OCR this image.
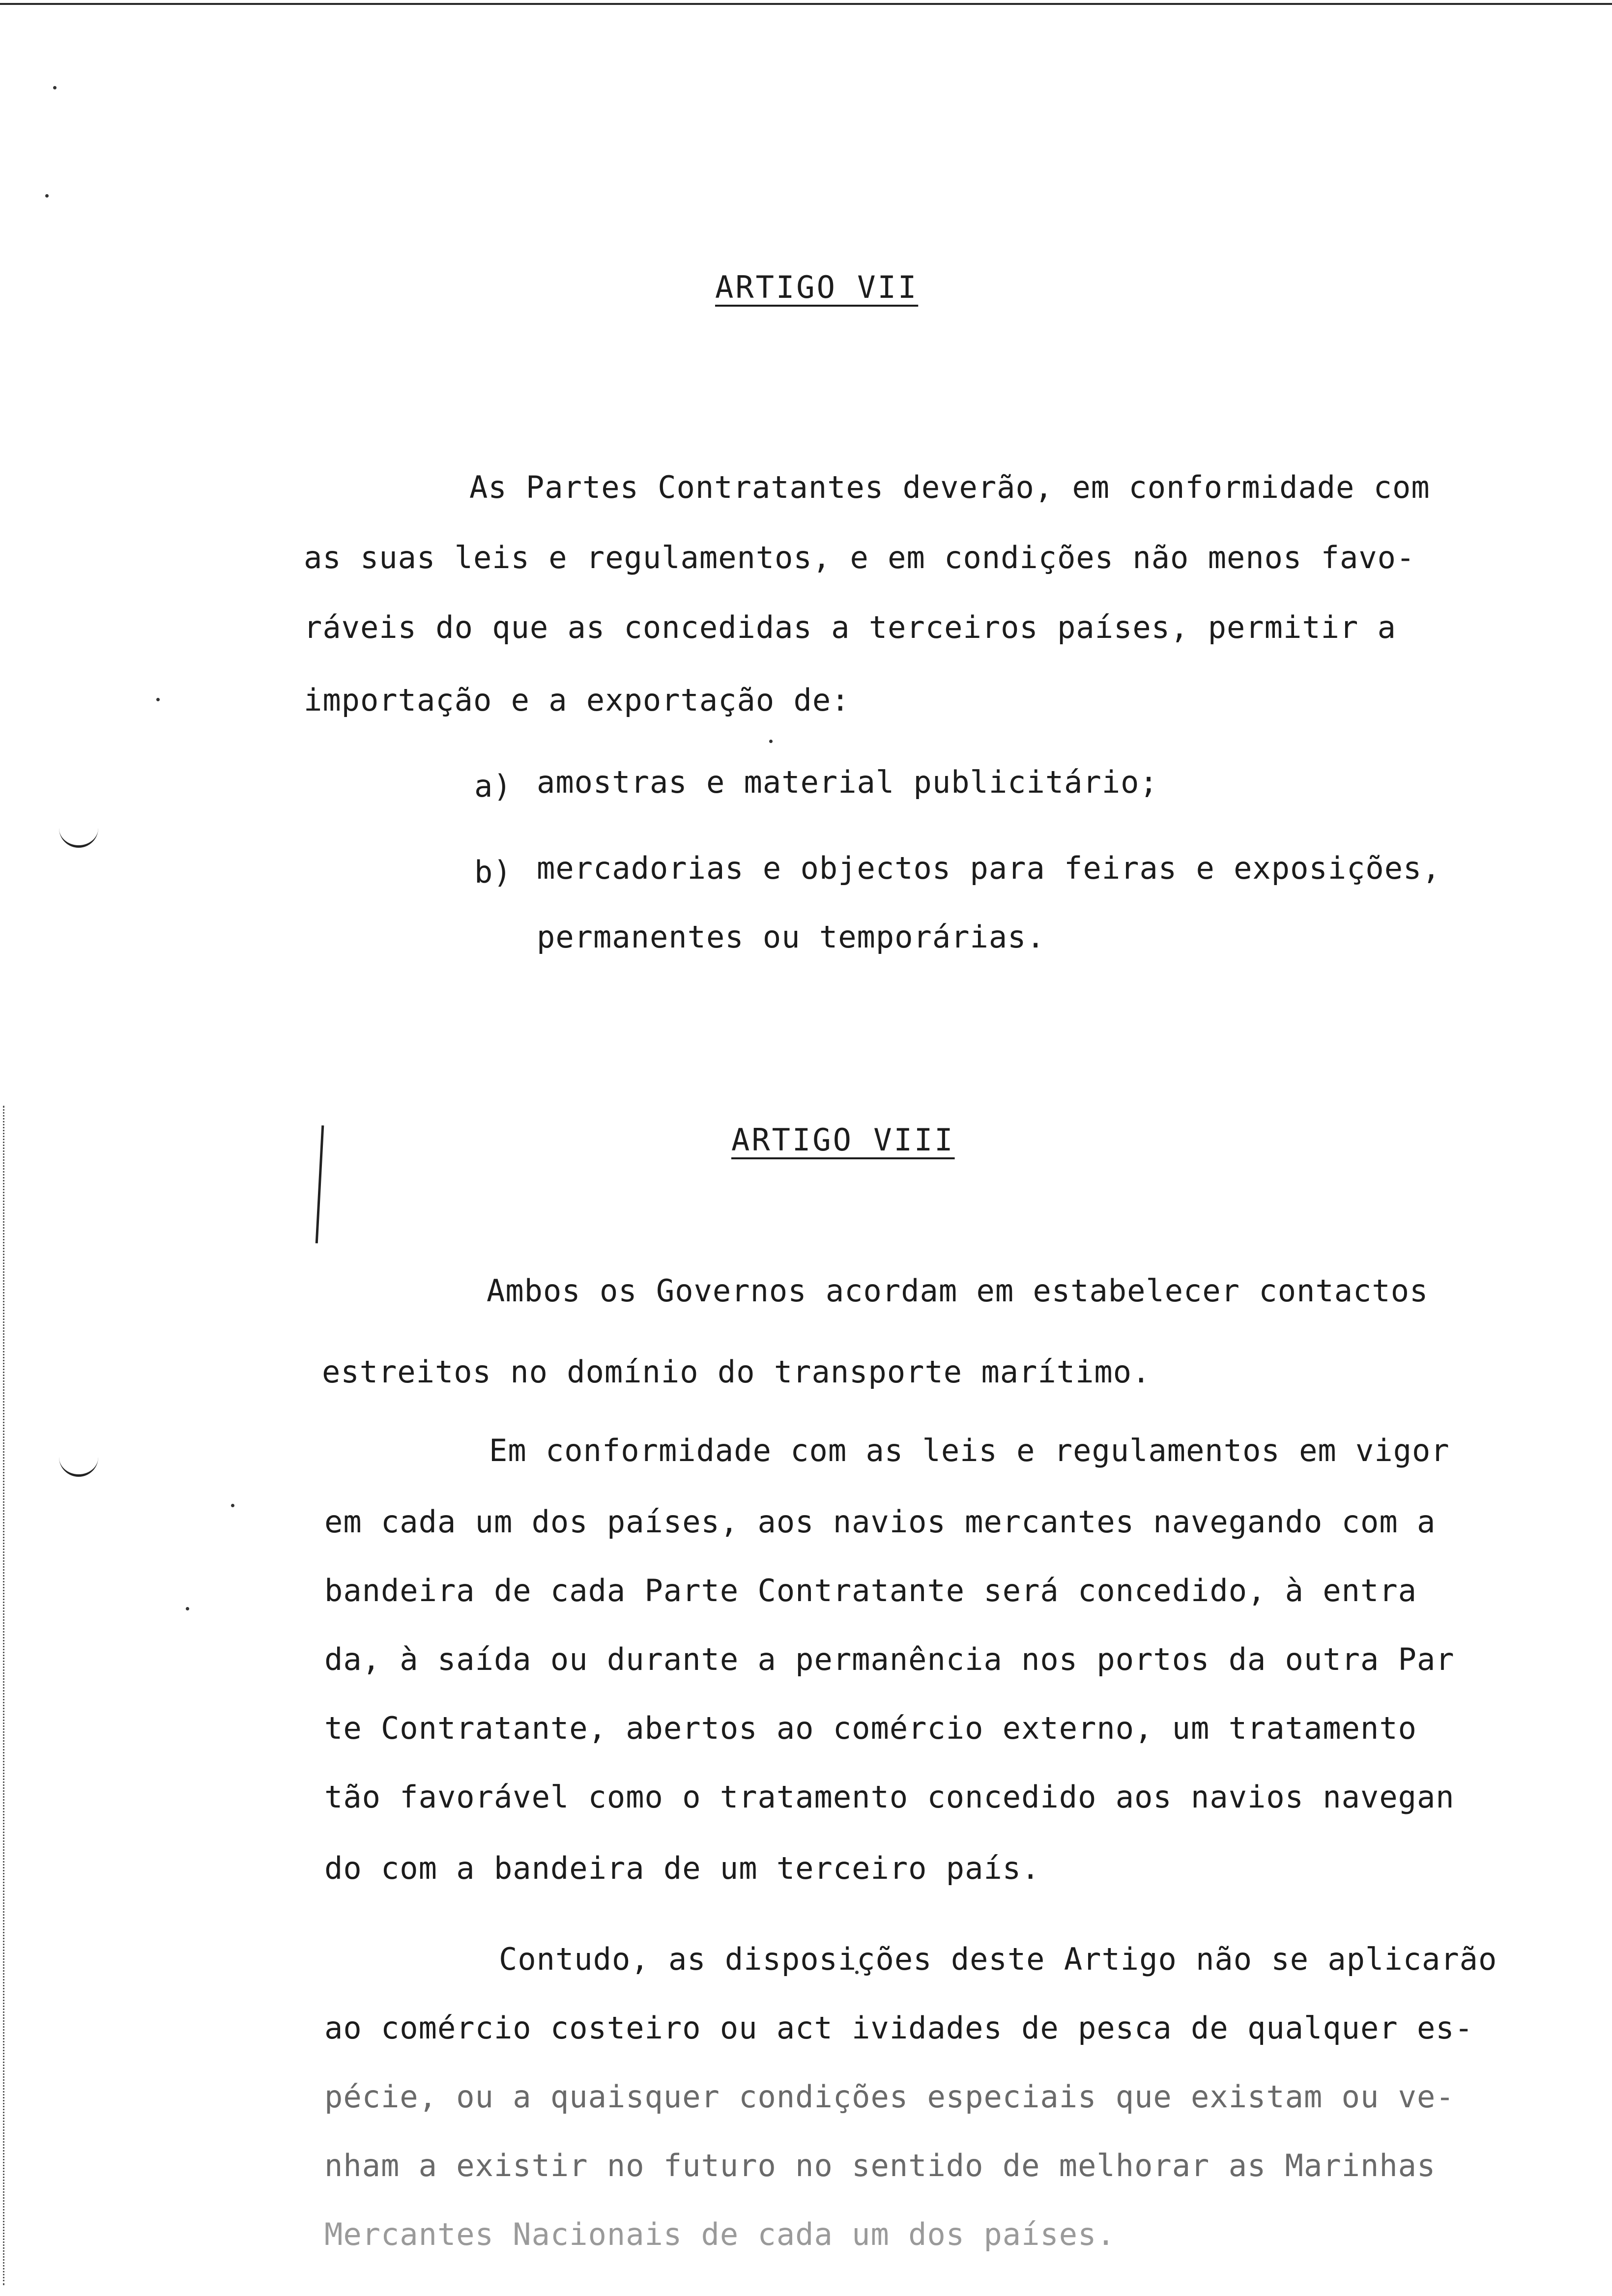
ARTIGO VII

As Partes Contratantes deverão, em conformidade com

as suas leis e regulamentos, e em condições não menos favo-

ráveis do que as concedidas a terceiros países, permitir a

importação e a exportação de:

a) amostras e material publicitário;

b) mercadorias e objectos para feiras e exposições,

permanentes ou temporárias.

ARTIGO VIII

Ambos os Governos acordam em estabelecer contactos

estreitos no domínio do transporte marítimo.

Em conformidade com as leis e regulamentos em vigor

em cada um dos países, aos navios mercantes navegando com a

bandeira de cada Parte Contratante será concedido, à entra

da, à saída ou durante a permanência nos portos da outra Par

te Contratante, abertos ao comércio externo, um tratamento

tão favorável como o tratamento concedido aos navios navegan

do com a bandeira de um terceiro país.

Contudo, as disposições deste Artigo não se aplicarão

ao comércio costeiro ou act ividades de pesca de qualquer es-

pécie, ou a quaisquer condições especiais que existam ou ve-

nham a existir no futuro no sentido de melhorar as Marinhas

Mercantes Nacionais de cada um dos países.
